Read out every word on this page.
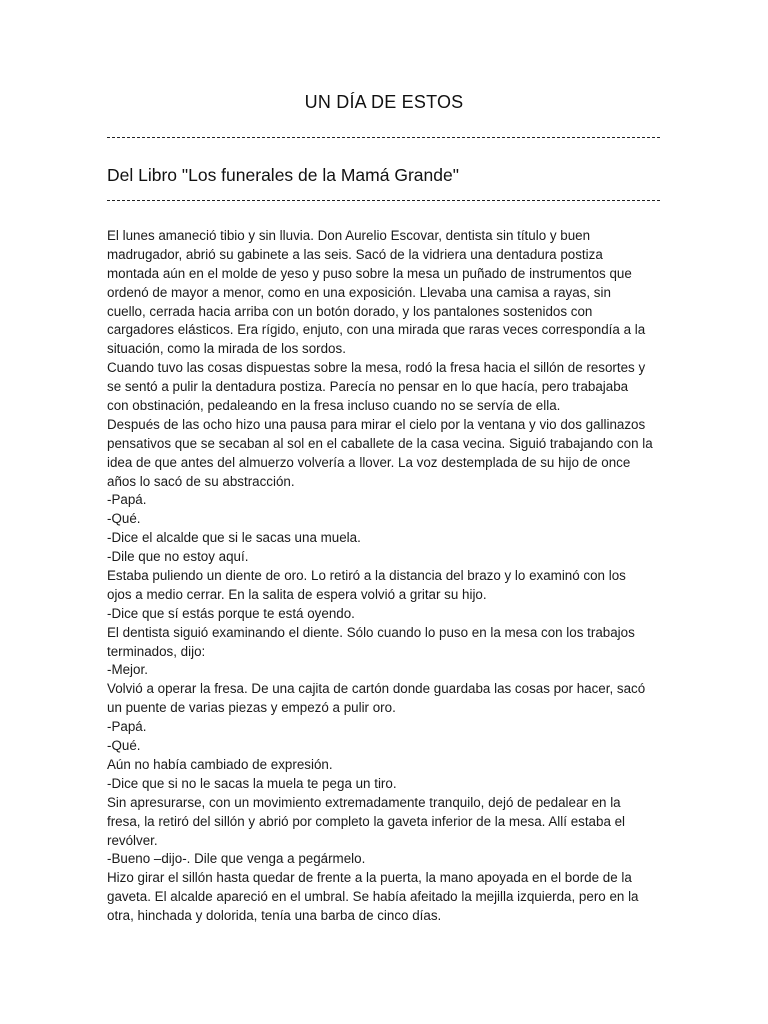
UN DÍA DE ESTOS
Del Libro "Los funerales de la Mamá Grande"
El lunes amaneció tibio y sin lluvia. Don Aurelio Escovar, dentista sin título y buen
madrugador, abrió su gabinete a las seis. Sacó de la vidriera una dentadura postiza
montada aún en el molde de yeso y puso sobre la mesa un puñado de instrumentos que
ordenó de mayor a menor, como en una exposición. Llevaba una camisa a rayas, sin
cuello, cerrada hacia arriba con un botón dorado, y los pantalones sostenidos con
cargadores elásticos. Era rígido, enjuto, con una mirada que raras veces correspondía a la
situación, como la mirada de los sordos.
Cuando tuvo las cosas dispuestas sobre la mesa, rodó la fresa hacia el sillón de resortes y
se sentó a pulir la dentadura postiza. Parecía no pensar en lo que hacía, pero trabajaba
con obstinación, pedaleando en la fresa incluso cuando no se servía de ella.
Después de las ocho hizo una pausa para mirar el cielo por la ventana y vio dos gallinazos
pensativos que se secaban al sol en el caballete de la casa vecina. Siguió trabajando con la
idea de que antes del almuerzo volvería a llover. La voz destemplada de su hijo de once
años lo sacó de su abstracción.
-Papá.
-Qué.
-Dice el alcalde que si le sacas una muela.
-Dile que no estoy aquí.
Estaba puliendo un diente de oro. Lo retiró a la distancia del brazo y lo examinó con los
ojos a medio cerrar. En la salita de espera volvió a gritar su hijo.
-Dice que sí estás porque te está oyendo.
El dentista siguió examinando el diente. Sólo cuando lo puso en la mesa con los trabajos
terminados, dijo:
-Mejor.
Volvió a operar la fresa. De una cajita de cartón donde guardaba las cosas por hacer, sacó
un puente de varias piezas y empezó a pulir oro.
-Papá.
-Qué.
Aún no había cambiado de expresión.
-Dice que si no le sacas la muela te pega un tiro.
Sin apresurarse, con un movimiento extremadamente tranquilo, dejó de pedalear en la
fresa, la retiró del sillón y abrió por completo la gaveta inferior de la mesa. Allí estaba el
revólver.
-Bueno –dijo-. Dile que venga a pegármelo.
Hizo girar el sillón hasta quedar de frente a la puerta, la mano apoyada en el borde de la
gaveta. El alcalde apareció en el umbral. Se había afeitado la mejilla izquierda, pero en la
otra, hinchada y dolorida, tenía una barba de cinco días.
